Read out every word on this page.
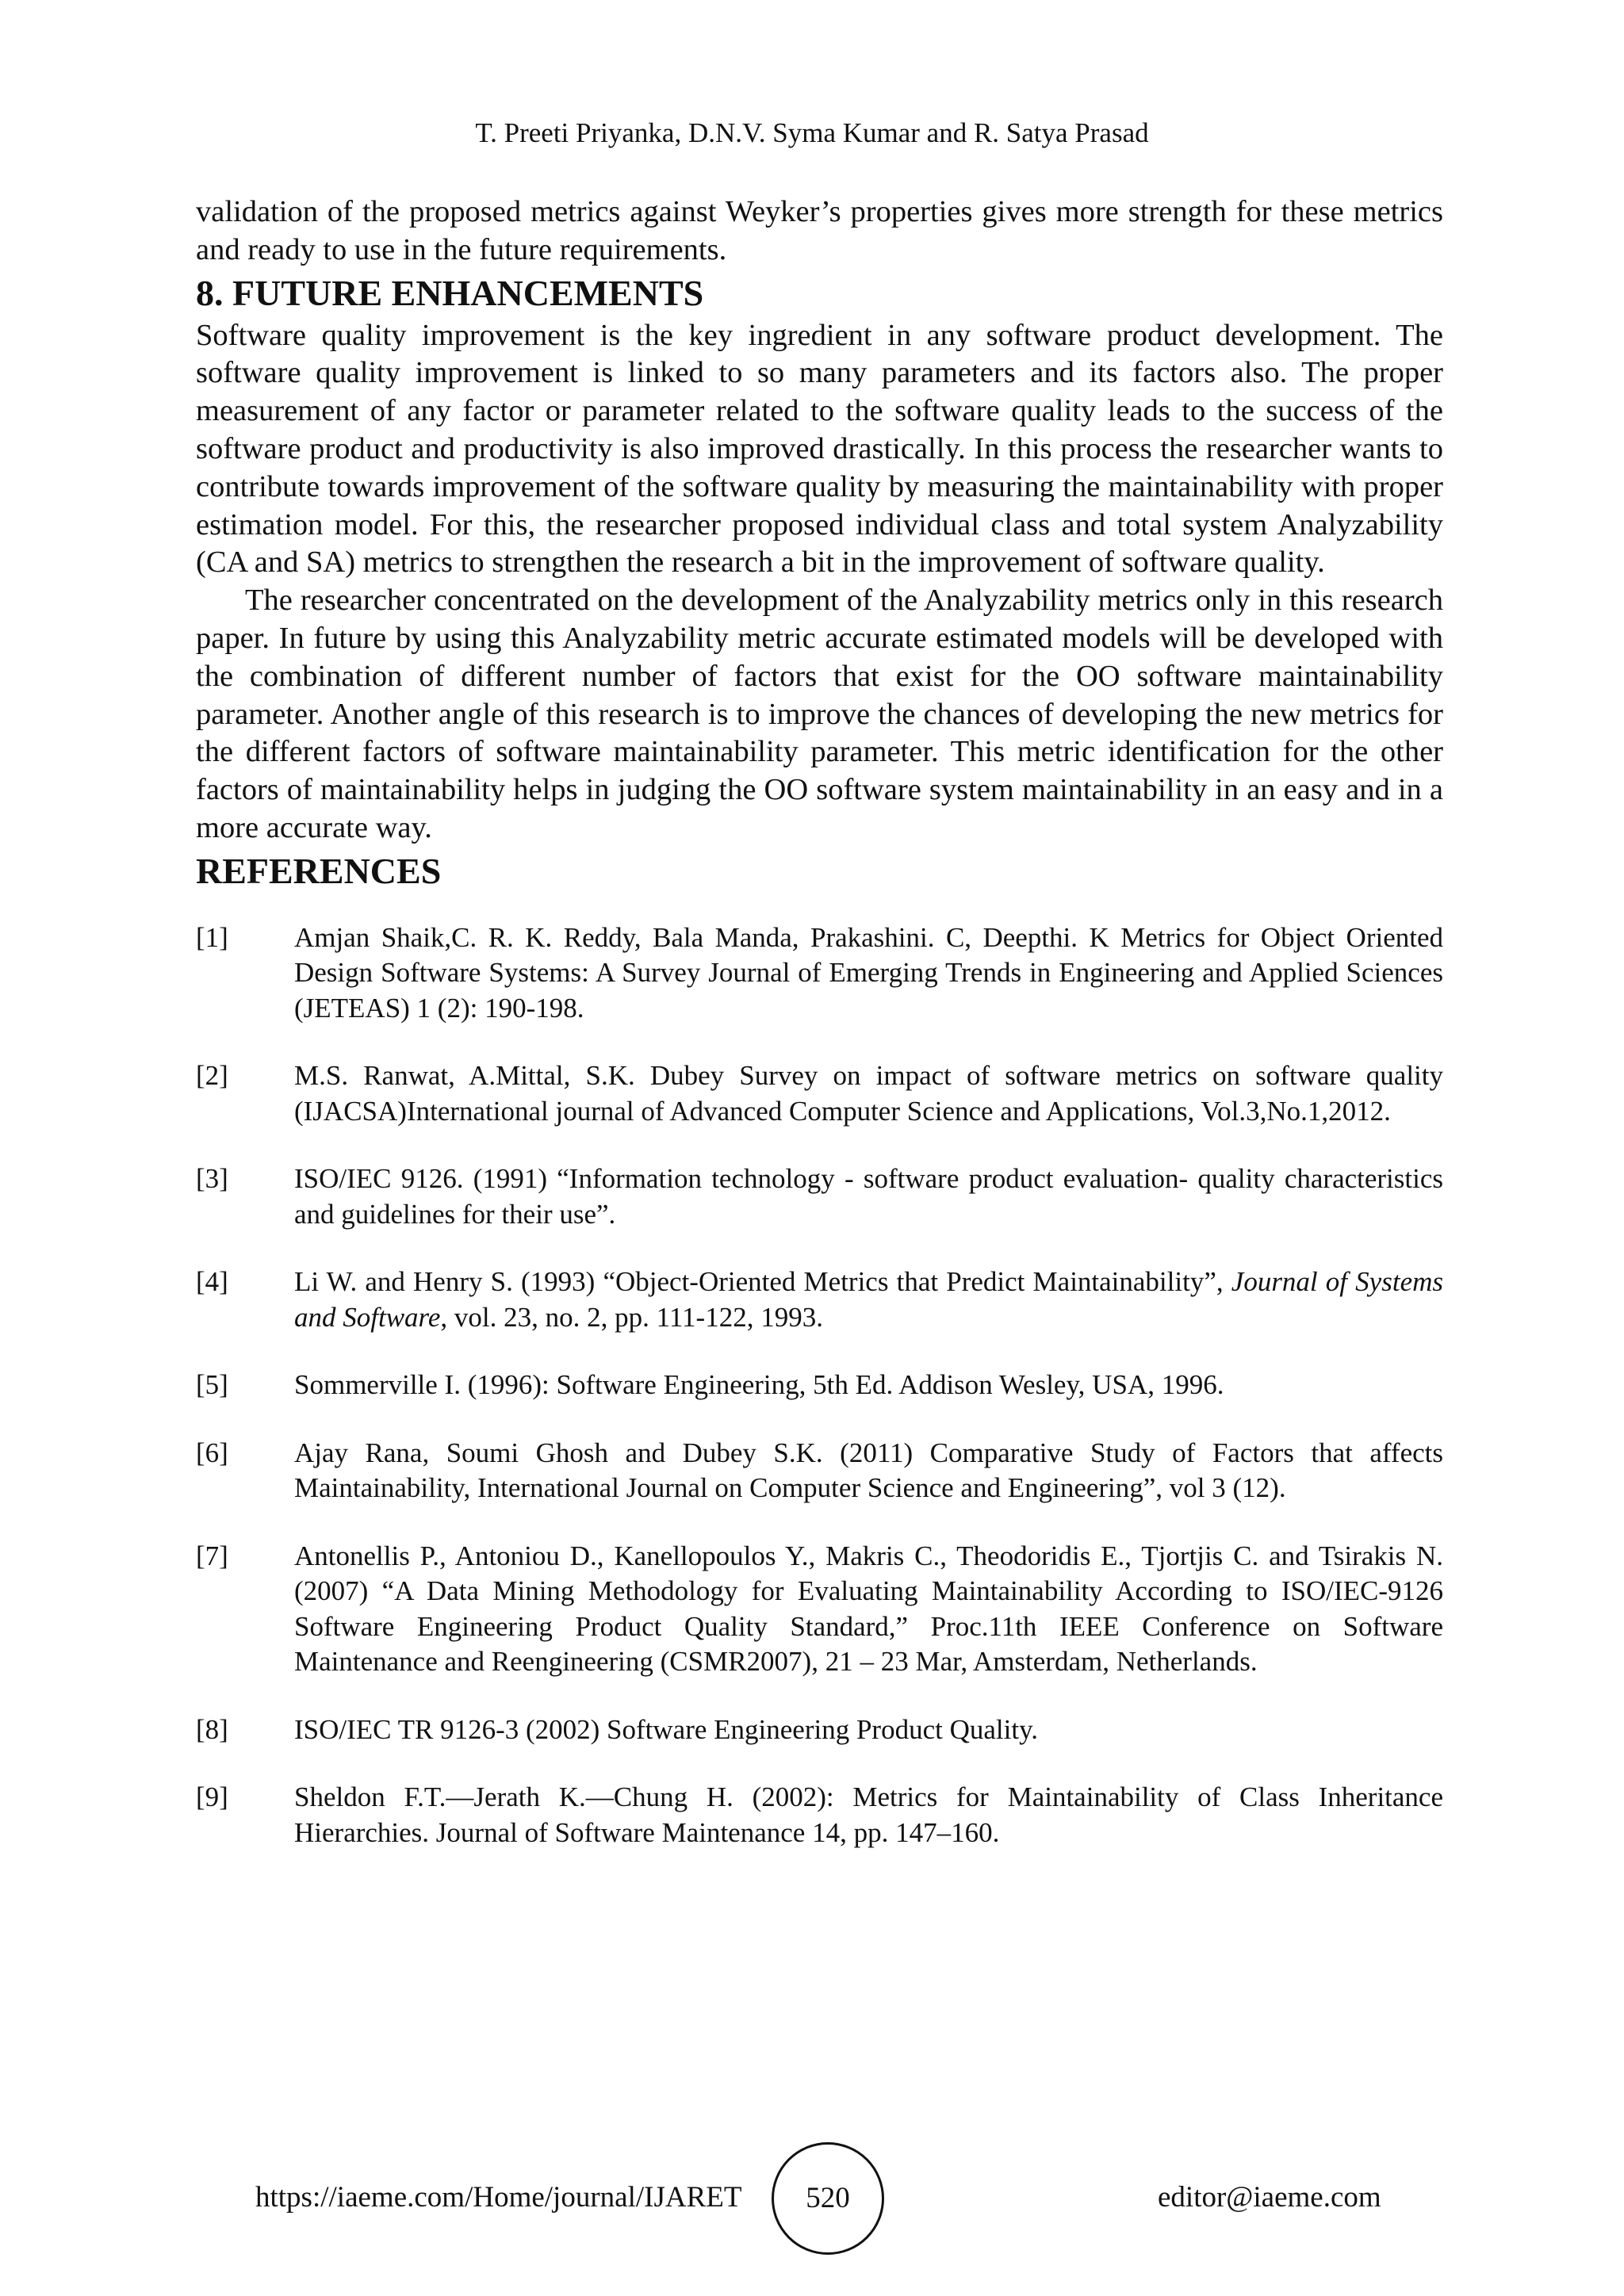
T. Preeti Priyanka, D.N.V. Syma Kumar and R. Satya Prasad

validation of the proposed metrics against Weyker’s properties gives more strength for these metrics and ready to use in the future requirements.

8. FUTURE ENHANCEMENTS

Software quality improvement is the key ingredient in any software product development. The software quality improvement is linked to so many parameters and its factors also. The proper measurement of any factor or parameter related to the software quality leads to the success of the software product and productivity is also improved drastically. In this process the researcher wants to contribute towards improvement of the software quality by measuring the maintainability with proper estimation model. For this, the researcher proposed individual class and total system Analyzability (CA and SA) metrics to strengthen the research a bit in the improvement of software quality.

The researcher concentrated on the development of the Analyzability metrics only in this research paper. In future by using this Analyzability metric accurate estimated models will be developed with the combination of different number of factors that exist for the OO software maintainability parameter. Another angle of this research is to improve the chances of developing the new metrics for the different factors of software maintainability parameter. This metric identification for the other factors of maintainability helps in judging the OO software system maintainability in an easy and in a more accurate way.

REFERENCES
[1]	Amjan Shaik,C. R. K. Reddy, Bala Manda, Prakashini. C, Deepthi. K Metrics for Object Oriented Design Software Systems: A Survey Journal of Emerging Trends in Engineering and Applied Sciences (JETEAS) 1 (2): 190-198.
[2]	M.S. Ranwat, A.Mittal, S.K. Dubey Survey on impact of software metrics on software quality (IJACSA)International journal of Advanced Computer Science and Applications, Vol.3,No.1,2012.
[3]	ISO/IEC 9126. (1991) “Information technology - software product evaluation- quality characteristics and guidelines for their use”.
[4]	Li W. and Henry S. (1993) “Object-Oriented Metrics that Predict Maintainability”, Journal of Systems and Software, vol. 23, no. 2, pp. 111-122, 1993.
[5]	Sommerville I. (1996): Software Engineering, 5th Ed. Addison Wesley, USA, 1996.
[6]	Ajay Rana, Soumi Ghosh and Dubey S.K. (2011) Comparative Study of Factors that affects Maintainability, International Journal on Computer Science and Engineering”, vol 3 (12).
[7]	Antonellis P., Antoniou D., Kanellopoulos Y., Makris C., Theodoridis E., Tjortjis C. and Tsirakis N. (2007) “A Data Mining Methodology for Evaluating Maintainability According to ISO/IEC-9126 Software Engineering Product Quality Standard,” Proc.11th IEEE Conference on Software Maintenance and Reengineering (CSMR2007), 21 – 23 Mar, Amsterdam, Netherlands.
[8]	ISO/IEC TR 9126-3 (2002) Software Engineering Product Quality.
[9]	Sheldon F.T.—Jerath K.—Chung H. (2002): Metrics for Maintainability of Class Inheritance Hierarchies. Journal of Software Maintenance 14, pp. 147–160.
https://iaeme.com/Home/journal/IJARET	520	editor@iaeme.com
